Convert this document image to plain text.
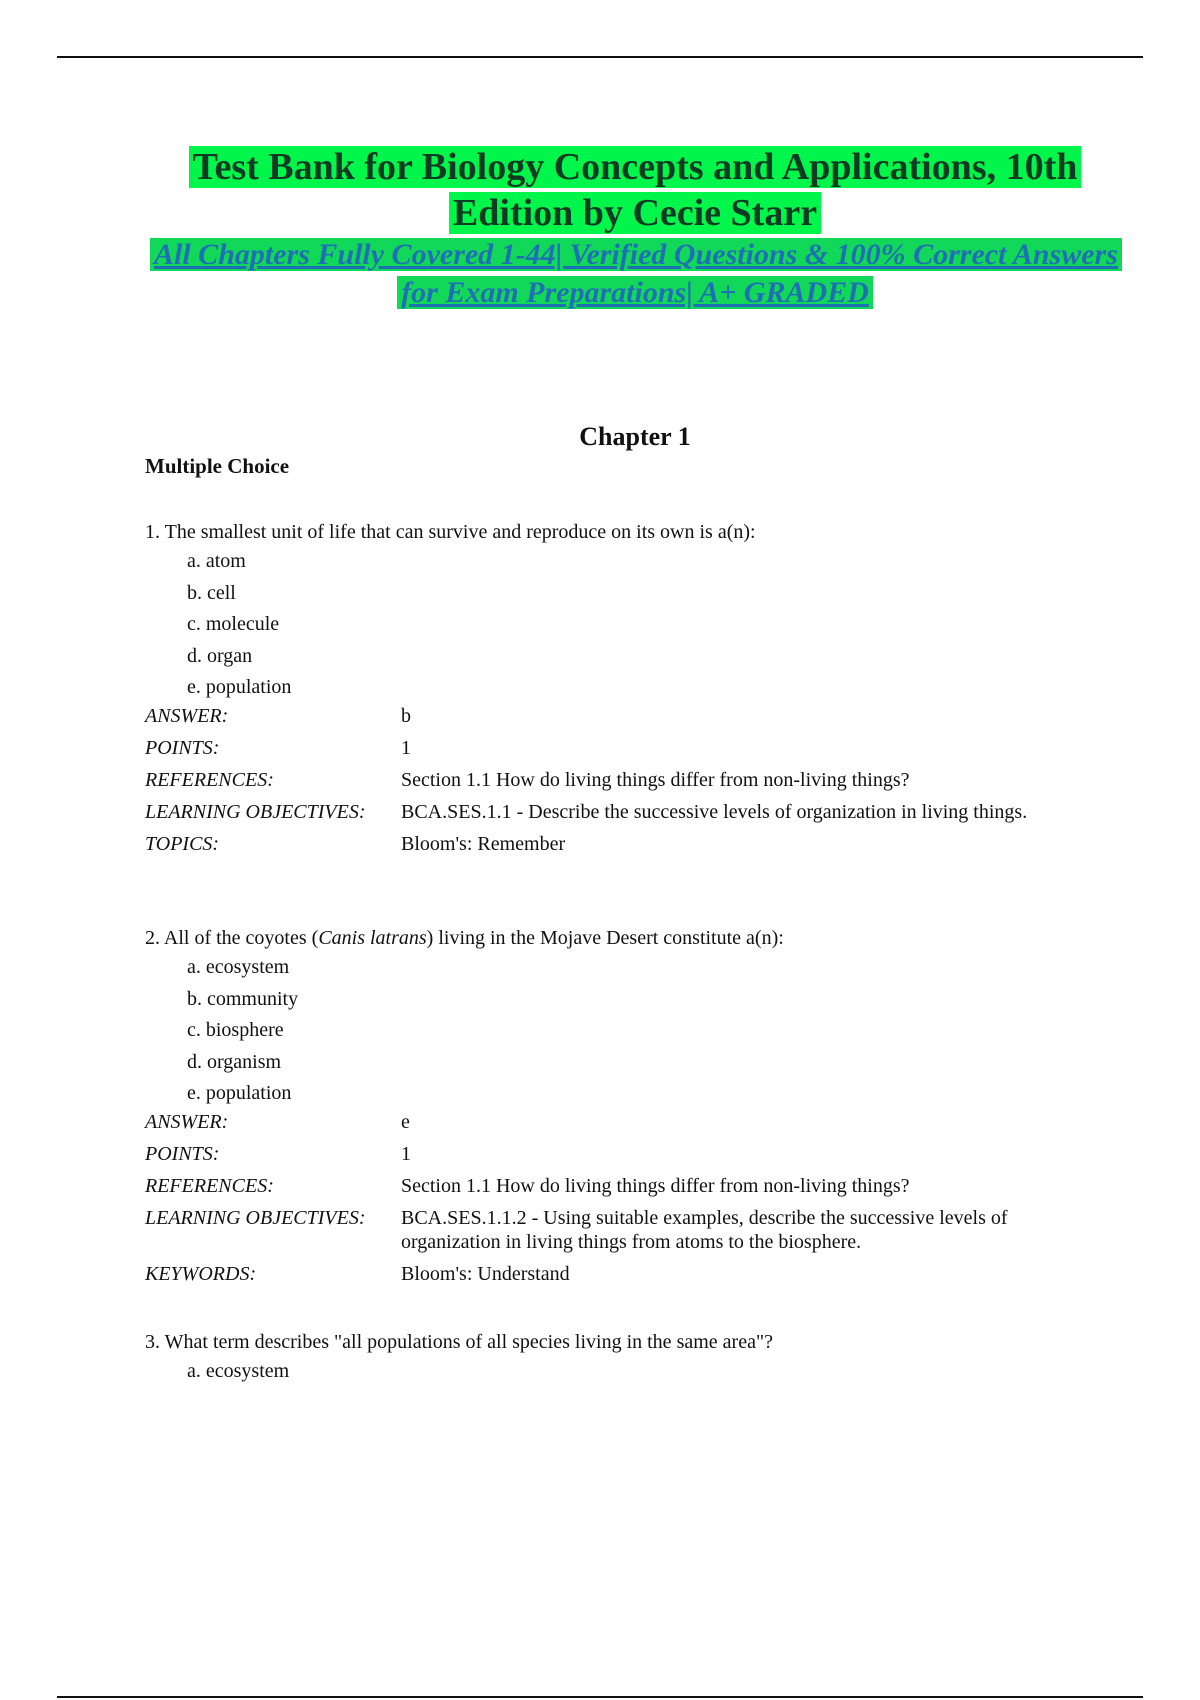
Test Bank for Biology Concepts and Applications, 10th Edition by Cecie Starr

All Chapters Fully Covered 1-44| Verified Questions & 100% Correct Answers for Exam Preparations| A+ GRADED

Chapter 1
Multiple Choice
1. The smallest unit of life that can survive and reproduce on its own is a(n):
a. atom
b. cell
c. molecule
d. organ
e. population
ANSWER:	b
POINTS:	1
REFERENCES:	Section 1.1 How do living things differ from non-living things?
LEARNING OBJECTIVES:	BCA.SES.1.1 - Describe the successive levels of organization in living things.
TOPICS:	Bloom's: Remember
2. All of the coyotes (Canis latrans) living in the Mojave Desert constitute a(n):
a. ecosystem
b. community
c. biosphere
d. organism
e. population
ANSWER:	e
POINTS:	1
REFERENCES:	Section 1.1 How do living things differ from non-living things?
LEARNING OBJECTIVES:	BCA.SES.1.1.2 - Using suitable examples, describe the successive levels of organization in living things from atoms to the biosphere.
KEYWORDS:	Bloom's: Understand
3. What term describes "all populations of all species living in the same area"?
a. ecosystem
